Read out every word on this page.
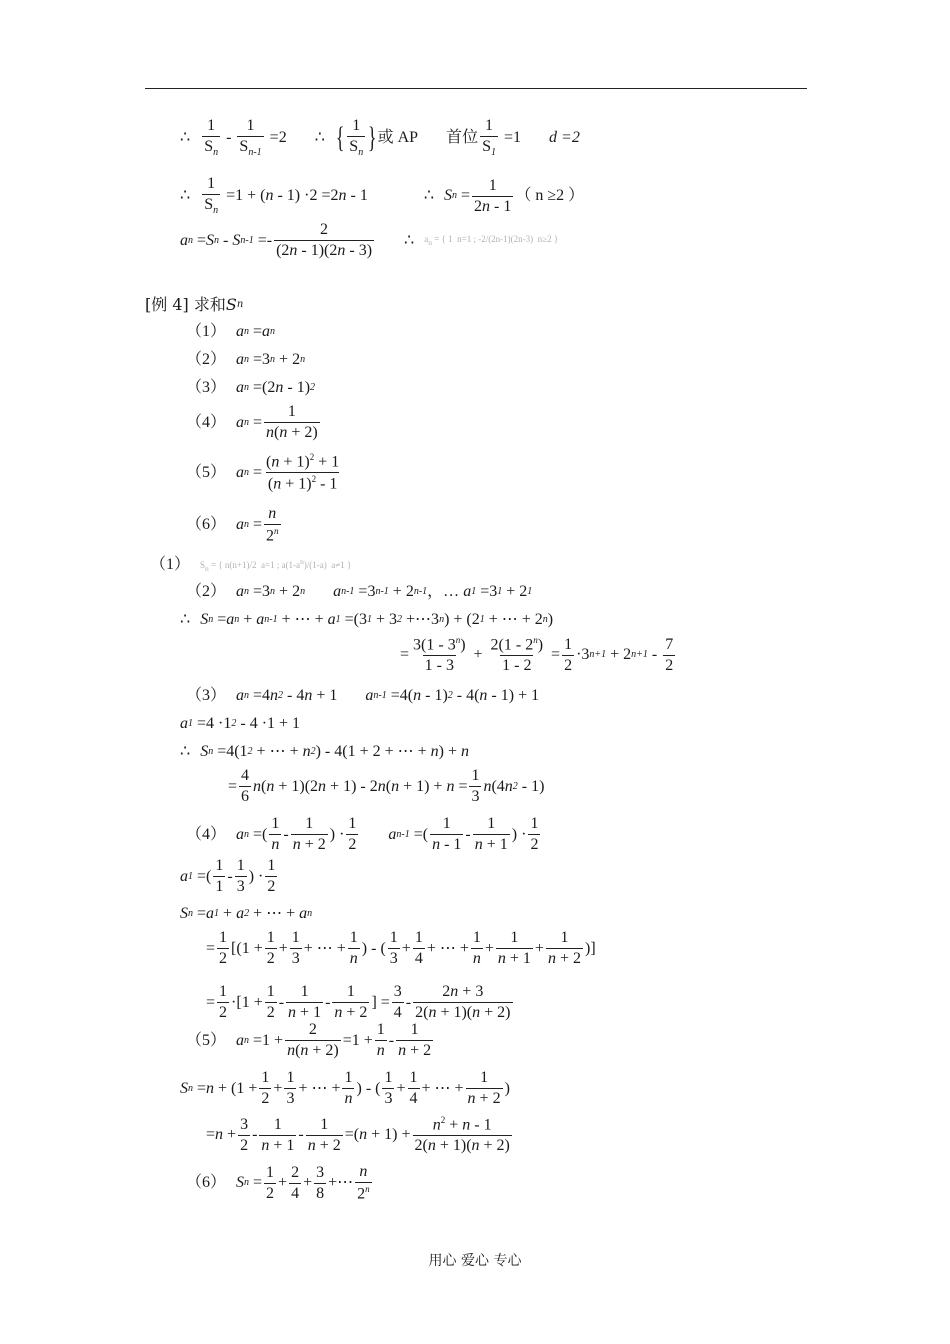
∴ $\frac{1}{S_n} - \frac{1}{S_{n-1}} =2$ ∴ { $\frac{1}{S_n}$ } 或 AP 首位 $\frac{1}{S_1} =1$ d =2
∴ $\frac{1}{S_n} =1 + (n - 1) \cdot 2 =2n - 1$	∴ S $n = \frac{1}{2n - 1}$ （ n ≥2 ）
a n =S n - S $n-1 =- \frac{2}{(2n - 1)(2n - 3)}$ ∴ $a_n$ = { 1  n=1 ; -2/(2n-1)(2n-3)  n≥2 }
[例 4] 求和 S n
（1） a n =a n
（2） a n =3 n + 2 n
（3） a n =(2n - 1) 2
（4） a $n = \frac{1}{n(n + 2)}$
（5） a $n = \frac{(n + 1)^2 + 1}{(n + 1)^2 - 1}$
（6） a $n = \frac{n}{2^n}$
（1） $S_n$ = { n(n+1)/2  a=1 ; $a(1-a^n)/(1-a)$  a≠1 }
（2） a n =3 n + 2 n a n-1 =3 n-1 + 2 n-1 ，… a 1 =3 1 + 2 1
∴ S n =a n + a n-1 + ⋯ + a 1 =(3 1 + 3 2 +⋯3 n ) + (2 1 + ⋯ + 2 n )
= $\frac{3(1 - 3^n)}{1 - 3} + \frac{2(1 - 2^n)}{1 - 2} = \frac{1}{2} \cdot 3$ n+1 + 2 $n+1 - \frac{7}{2}$
（3） a n =4n 2 - 4n + 1 a n-1 =4(n - 1) 2 - 4(n - 1) + 1
a 1 =4 ·1 2 - 4 ·1 + 1
∴ S n =4(1 2 + ⋯ + n 2 ) - 4(1 + 2 + ⋯ + n) + n
= $\frac{4}{6}$ n $(n + 1)(2n + 1) - 2n(n + 1) + n = \frac{1}{3}$ n (4n 2 - 1)
（4） a n =( $\frac{1}{n} - \frac{1}{n + 2}$ ) · $\frac{1}{2}$ a n-1 =( $\frac{1}{n - 1} - \frac{1}{n + 1}$ ) · $\frac{1}{2}$
a 1 =( $\frac{1}{1} - \frac{1}{3}$ ) · $\frac{1}{2}$
S n =a 1 + a 2 + ⋯ + a n
= $\frac{1}{2} [(1 + \frac{1}{2} + \frac{1}{3}$ + ⋯ + $\frac{1}{n}$ ) - ( $\frac{1}{3} + \frac{1}{4}$ + ⋯ + $\frac{1}{n} + \frac{1}{n + 1} + \frac{1}{n + 2}$ )]
= $\frac{1}{2} \cdot[1 + \frac{1}{2} - \frac{1}{n + 1} - \frac{1}{n + 2}$ ] = $\frac{3}{4} - \frac{2n + 3}{2(n + 1)(n + 2)}$
（5） a $n =1 + \frac{2}{n(n + 2)} =1 + \frac{1}{n} - \frac{1}{n + 2}$
S $n =n + (1 + \frac{1}{2} + \frac{1}{3}$ + ⋯ + $\frac{1}{n}$ ) - ( $\frac{1}{3} + \frac{1}{4}$ + ⋯ + $\frac{1}{n + 2}$ )
$=n + \frac{3}{2} - \frac{1}{n + 1} - \frac{1}{n + 2} =(n + 1) + \frac{n^2 + n - 1}{2(n + 1)(n + 2)}$
（6） S $n = \frac{1}{2} + \frac{2}{4} + \frac{3}{8}$ +⋯ $\frac{n}{2^n}$
用心 爱心 专心
